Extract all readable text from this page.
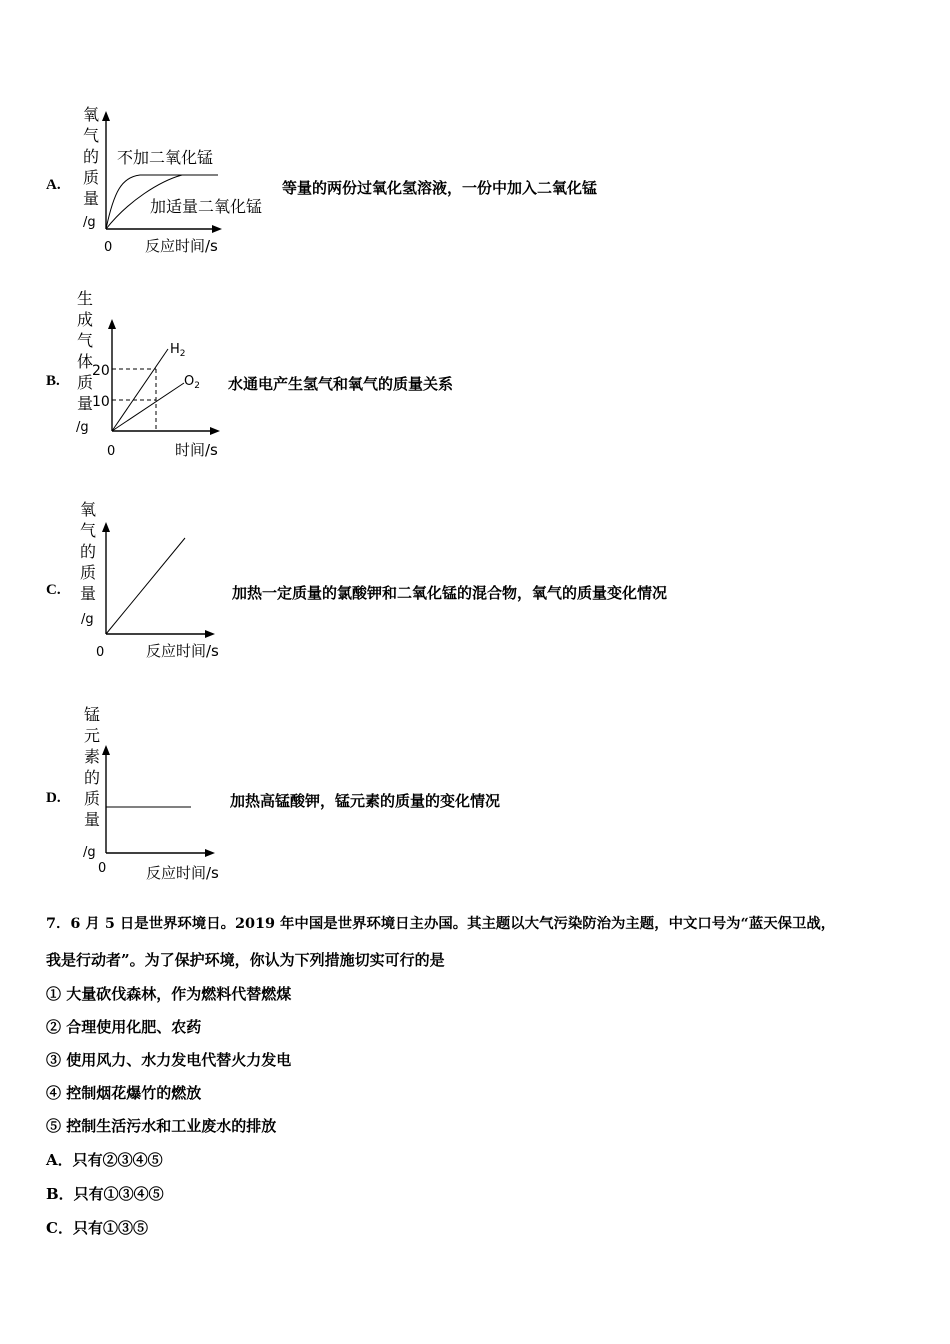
A.
氧
气
的
质
量
/g
0 反应时间/s
不加二氧化锰
加适量二氧化锰
等量的两份过氧化氢溶液，一份中加入二氧化锰
B.
生
成
气
体
质
量
20
10
$H_2$
$O_2$
/g
0	时间/s
水通电产生氢气和氧气的质量关系
C.
氧
气
的
质
量
/g
0	反应时间/s
加热一定质量的氯酸钾和二氧化锰的混合物，氧气的质量变化情况
D.
锰
元
素
的
质
量
/g
0	反应时间/s
加热高锰酸钾，锰元素的质量的变化情况
7．6 月 5 日是世界环境日。2019 年中国是世界环境日主办国。其主题以大气污染防治为主题，中文口号为“蓝天保卫战，
我是行动者”。为了保护环境，你认为下列措施切实可行的是
① 大量砍伐森林，作为燃料代替燃煤
② 合理使用化肥、农药
③ 使用风力、水力发电代替火力发电
④ 控制烟花爆竹的燃放
⑤ 控制生活污水和工业废水的排放
A．只有②③④⑤
B．只有①③④⑤
C．只有①③⑤
